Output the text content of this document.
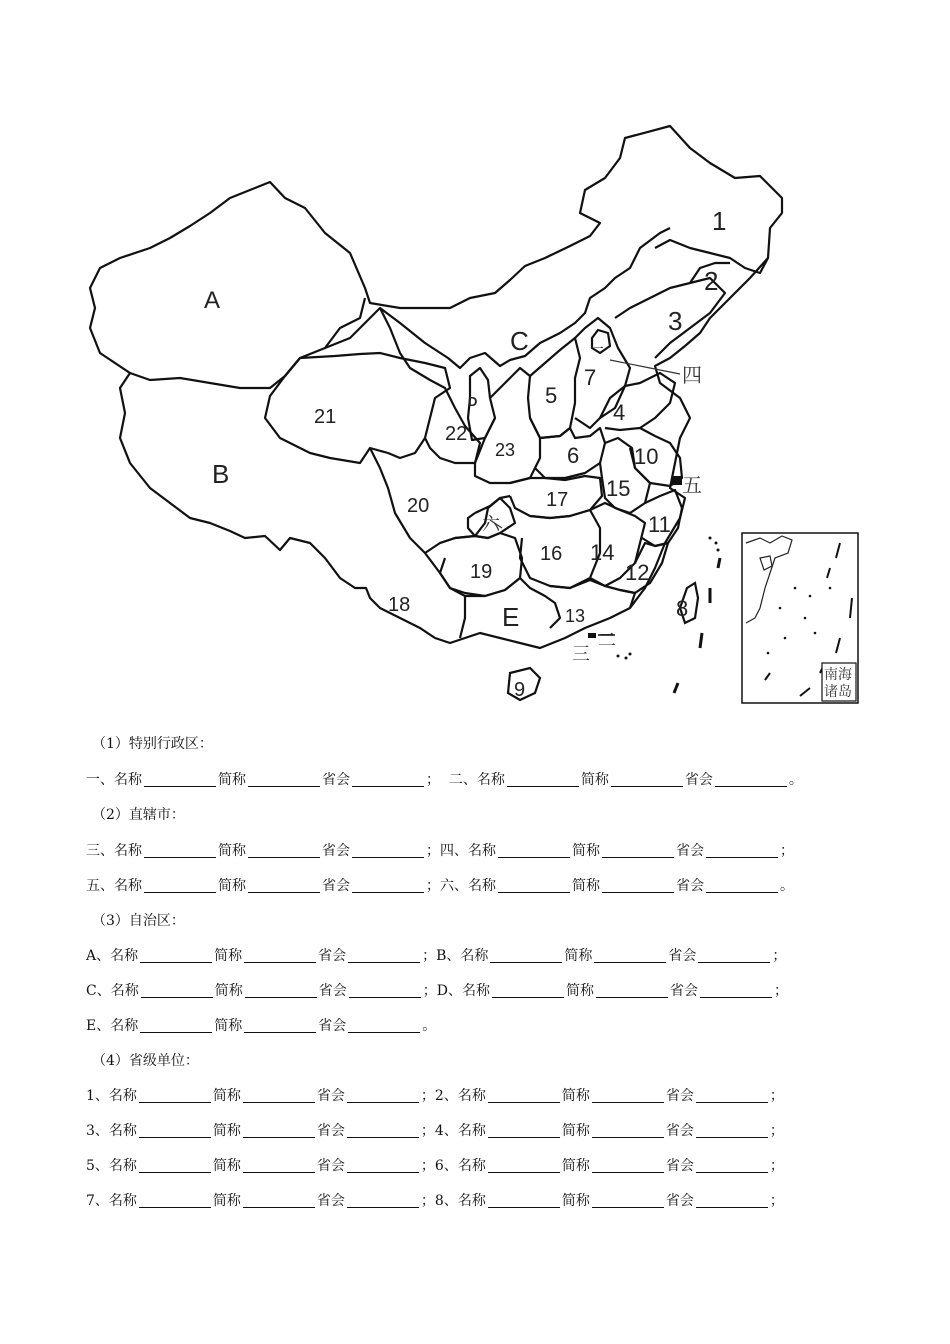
A
B
C
D
E
1
2
3
4
5
6
7
8
9
10
11
12
13
14
15
16
17
18
19
20
21
22
23
一
二
三
四
五
六
南海
诸岛
（1）特别行政区：
一、名称	简称	省会	； 二、名称	简称	省会	。
（2）直辖市：
三、名称	简称	省会	；四、名称	简称	省会	；
五、名称	简称	省会	；六、名称	简称	省会	。
（3）自治区：
A、名称	简称	省会	；B、名称	简称	省会	；
C、名称	简称	省会	；D、名称	简称	省会	；
E、名称	简称	省会	。
（4）省级单位：
1、名称	简称	省会	；2、名称	简称	省会	；
3、名称	简称	省会	；4、名称	简称	省会	；
5、名称	简称	省会	；6、名称	简称	省会	；
7、名称	简称	省会	；8、名称	简称	省会	；
